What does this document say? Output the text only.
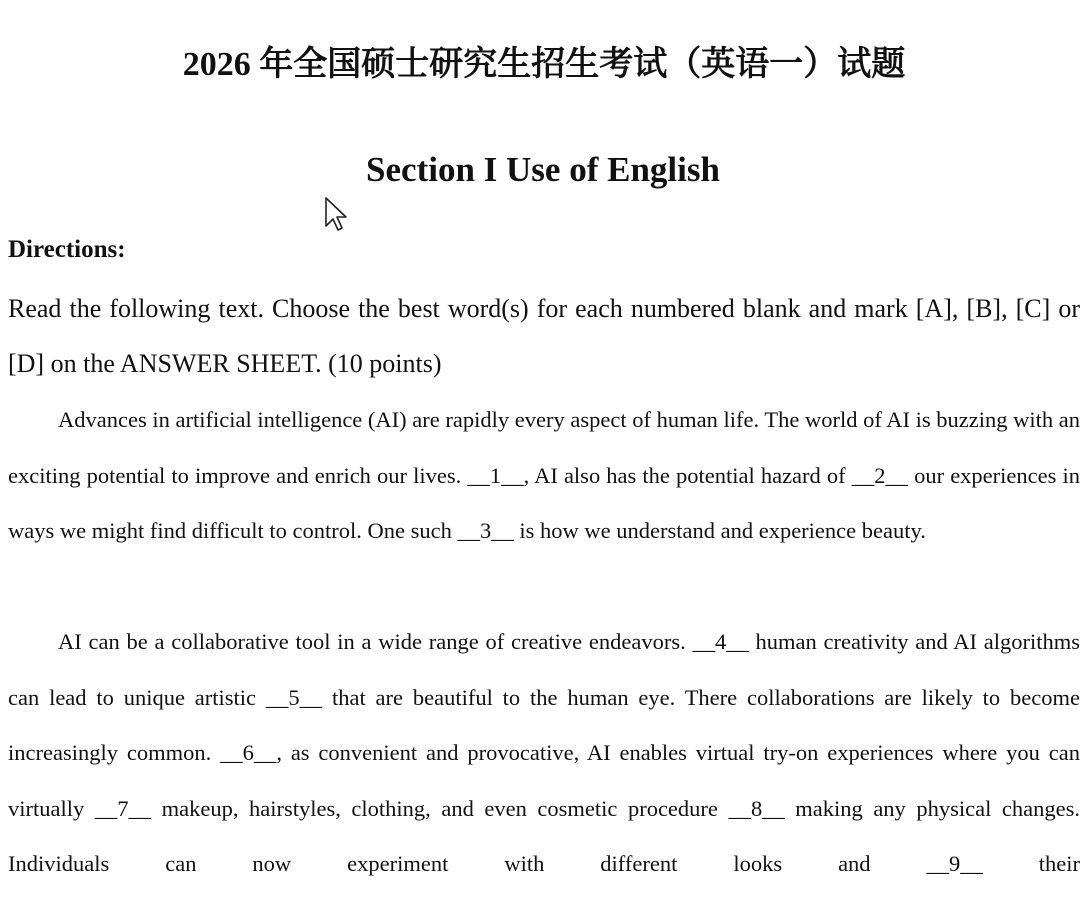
2026 年全国硕士研究生招生考试（英语一）试题
Section I Use of English
Directions:

Read the following text. Choose the best word(s) for each numbered blank and mark [A], [B], [C] or [D] on the ANSWER SHEET. (10 points)

Advances in artificial intelligence (AI) are rapidly every aspect of human life. The world of AI is buzzing with an exciting potential to improve and enrich our lives. __1__, AI also has the potential hazard of __2__ our experiences in ways we might find difficult to control. One such __3__ is how we understand and experience beauty.

AI can be a collaborative tool in a wide range of creative endeavors. __4__ human creativity and AI algorithms can lead to unique artistic __5__ that are beautiful to the human eye. There collaborations are likely to become increasingly common. __6__, as convenient and provocative, AI enables virtual try-on experiences where you can virtually __7__ makeup, hairstyles, clothing, and even cosmetic procedure __8__ making any physical changes. Individuals can now experiment with different looks and __9__ their
